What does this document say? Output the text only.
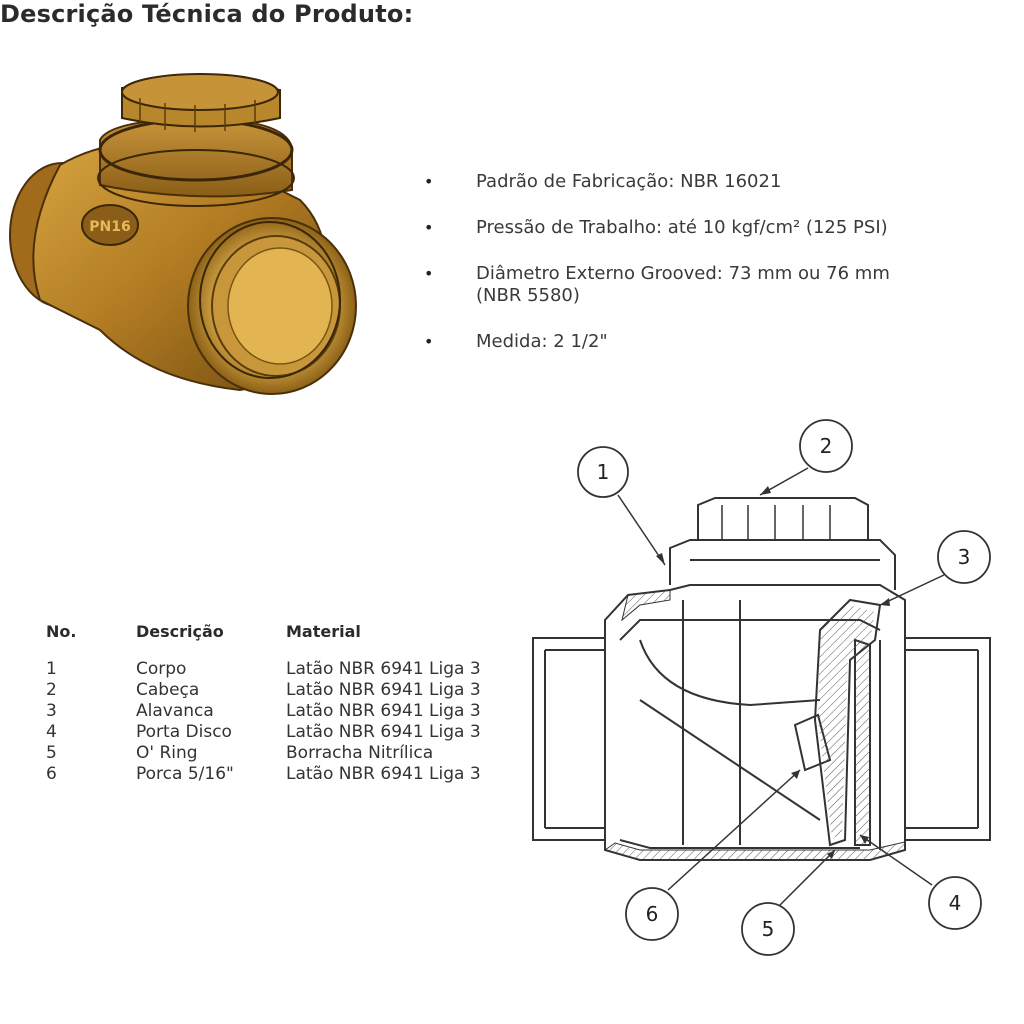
Descrição Técnica do Produto:
• Padrão de Fabricação: NBR 16021
• Pressão de Trabalho: até 10 kgf/cm² (125 PSI)
• Diâmetro Externo Grooved: 73 mm ou 76 mm
(NBR 5580)
• Medida: 2 1/2"
No.	Descrição	Material
1	Corpo	Latão NBR 6941 Liga 3
2	Cabeça	Latão NBR 6941 Liga 3
3	Alavanca	Latão NBR 6941 Liga 3
4	Porta Disco	Latão NBR 6941 Liga 3
5	O' Ring	Borracha Nitrílica
6	Porca 5/16"	Latão NBR 6941 Liga 3
PN16
1
2
3
4
5
6
